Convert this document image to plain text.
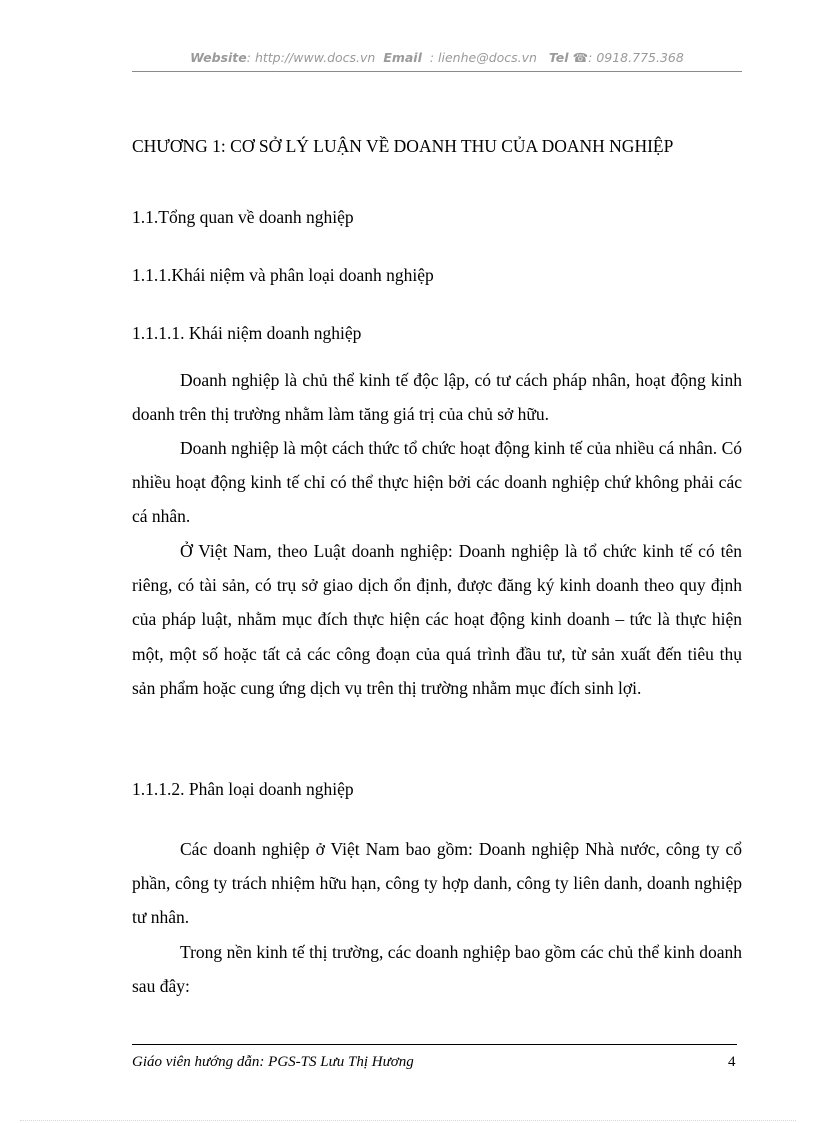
Website: http://www.docs.vn Email : lienhe@docs.vn Tel ☎: 0918.775.368
CHƯƠNG 1: CƠ SỞ LÝ LUẬN VỀ DOANH THU CỦA DOANH NGHIỆP
1.1.Tổng quan về doanh nghiệp
1.1.1.Khái niệm và phân loại doanh nghiệp
1.1.1.1. Khái niệm doanh nghiệp
Doanh nghiệp là chủ thể kinh tế độc lập, có tư cách pháp nhân, hoạt động kinh doanh trên thị trường nhằm làm tăng giá trị của chủ sở hữu.
Doanh nghiệp là một cách thức tổ chức hoạt động kinh tế của nhiều cá nhân. Có nhiều hoạt động kinh tế chỉ có thể thực hiện bởi các doanh nghiệp chứ không phải các cá nhân.
Ở Việt Nam, theo Luật doanh nghiệp: Doanh nghiệp là tổ chức kinh tế có tên riêng, có tài sản, có trụ sở giao dịch ổn định, được đăng ký kinh doanh theo quy định của pháp luật, nhằm mục đích thực hiện các hoạt động kinh doanh – tức là thực hiện một, một số hoặc tất cả các công đoạn của quá trình đầu tư, từ sản xuất đến tiêu thụ sản phẩm hoặc cung ứng dịch vụ trên thị trường nhằm mục đích sinh lợi.
1.1.1.2. Phân loại doanh nghiệp
Các doanh nghiệp ở Việt Nam bao gồm: Doanh nghiệp Nhà nước, công ty cổ phần, công ty trách nhiệm hữu hạn, công ty hợp danh, công ty liên danh, doanh nghiệp tư nhân.
Trong nền kinh tế thị trường, các doanh nghiệp bao gồm các chủ thể kinh doanh sau đây:
Giáo viên hướng dẫn: PGS-TS Lưu Thị Hương	4
